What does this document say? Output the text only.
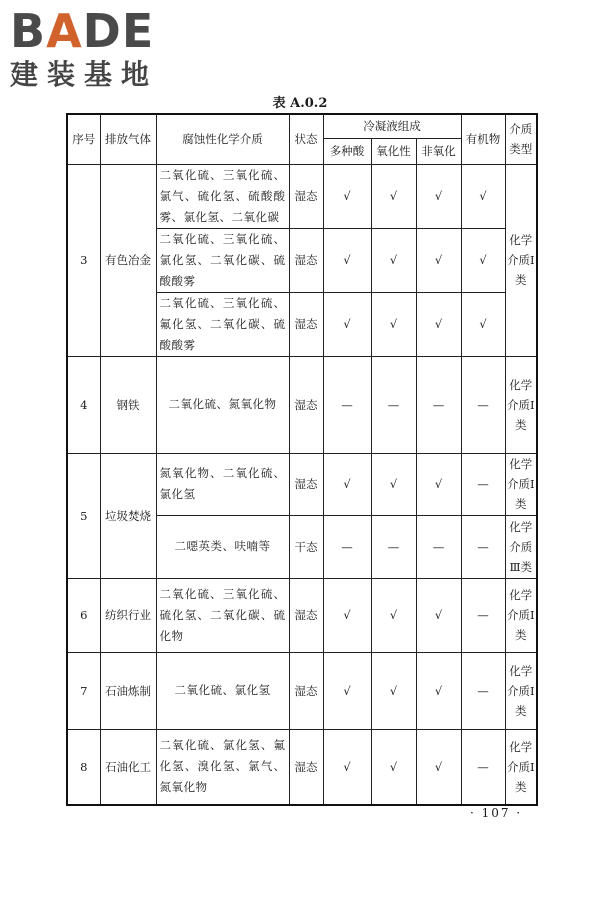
BADE
建装基地
表 A.0.2
序号	排放气体	腐蚀性化学介质	状态	冷凝液组成			有机物	介质类型
				多种酸	氧化性	非氧化		
3	有色冶金	二氧化硫、三氧化硫、氯气、硫化氢、硫酸酸雾、氯化氢、二氧化碳	湿态	√	√	√	√	化学介质Ⅰ类
		二氧化硫、三氧化硫、氯化氢、二氧化碳、硫酸酸雾	湿态	√	√	√	√	
		二氧化硫、三氧化硫、氟化氢、二氧化碳、硫酸酸雾	湿态	√	√	√	√	
4	钢铁	二氧化硫、氮氧化物	湿态	—	—	—	—	化学介质Ⅰ类
5	垃圾焚烧	氮氧化物、二氧化硫、氯化氢	湿态	√	√	√	—	化学介质Ⅰ类
		二噁英类、呋喃等	干态	—	—	—	—	化学介质Ⅲ类
6	纺织行业	二氧化硫、三氧化硫、硫化氢、二氧化碳、硫化物	湿态	√	√	√	—	化学介质Ⅰ类
7	石油炼制	二氧化硫、氯化氢	湿态	√	√	√	—	化学介质Ⅰ类
8	石油化工	二氧化硫、氯化氢、氟化氢、溴化氢、氯气、氮氧化物	湿态	√	√	√	—	化学介质Ⅰ类
· 107 ·
